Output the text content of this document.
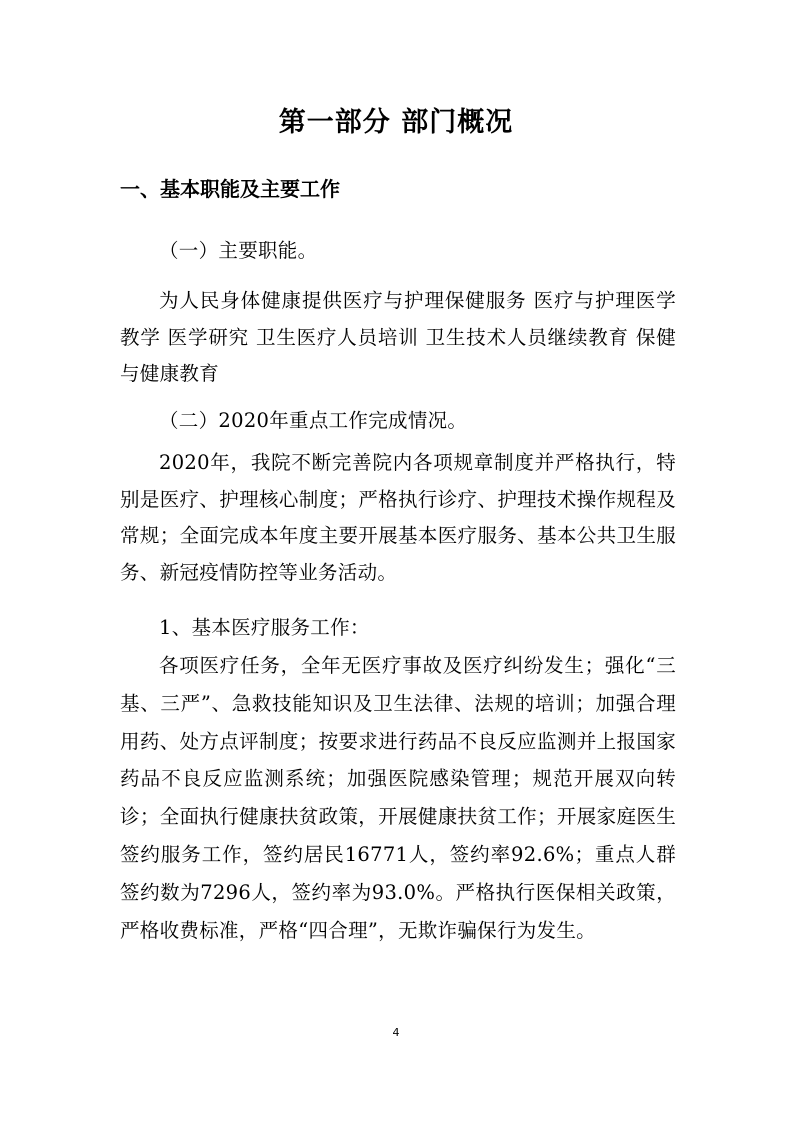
第一部分 部门概况
一、基本职能及主要工作
（一）主要职能。
为人民身体健康提供医疗与护理保健服务 医疗与护理医学教学 医学研究 卫生医疗人员培训 卫生技术人员继续教育 保健与健康教育
（二）2020年重点工作完成情况。
2020年，我院不断完善院内各项规章制度并严格执行，特别是医疗、护理核心制度；严格执行诊疗、护理技术操作规程及常规；全面完成本年度主要开展基本医疗服务、基本公共卫生服务、新冠疫情防控等业务活动。
1、基本医疗服务工作：
各项医疗任务，全年无医疗事故及医疗纠纷发生；强化“三基、三严”、急救技能知识及卫生法律、法规的培训；加强合理用药、处方点评制度；按要求进行药品不良反应监测并上报国家药品不良反应监测系统；加强医院感染管理；规范开展双向转诊；全面执行健康扶贫政策，开展健康扶贫工作；开展家庭医生签约服务工作，签约居民16771人，签约率92.6%；重点人群签约数为7296人，签约率为93.0%。严格执行医保相关政策，严格收费标准，严格“四合理”，无欺诈骗保行为发生。
4
